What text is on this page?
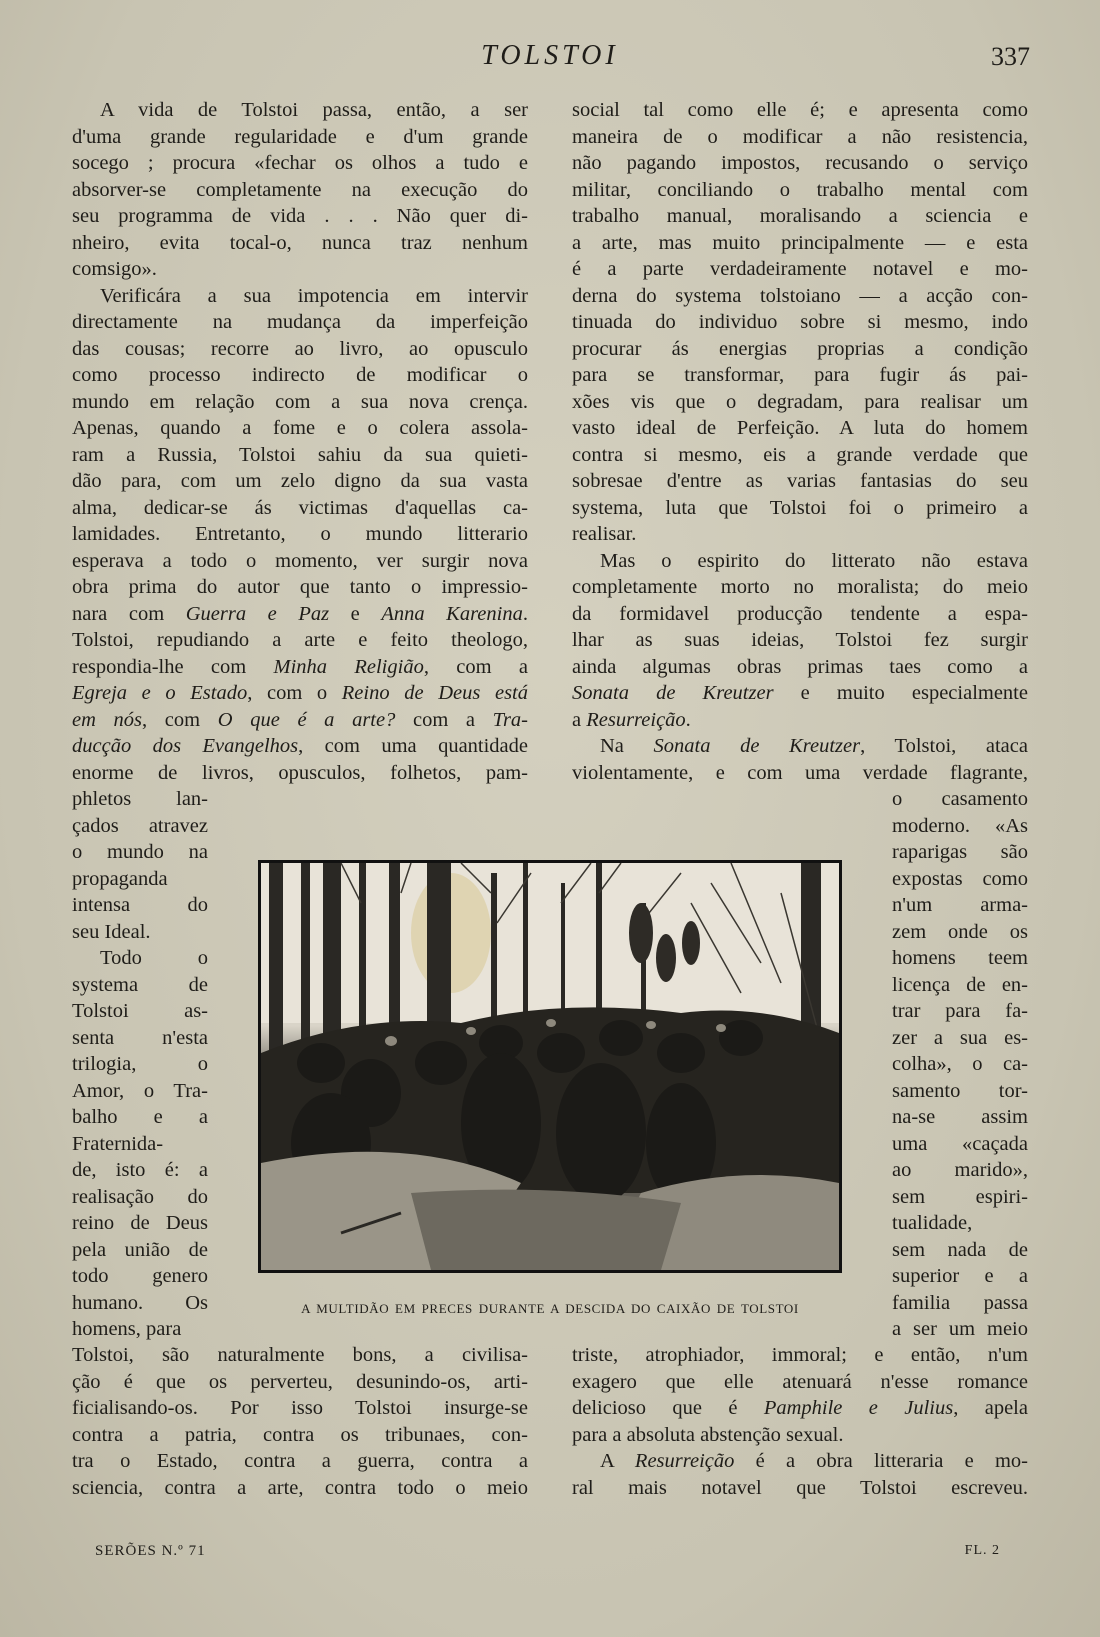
TOLSTOI	337
A vida de Tolstoi passa, então, a ser
d'uma grande regularidade e d'um grande
socego ; procura «fechar os olhos a tudo e
absorver-se completamente na execução do
seu programma de vida . . . Não quer di-
nheiro, evita tocal-o, nunca traz nenhum
comsigo».
Verificára a sua impotencia em intervir
directamente na mudança da imperfeição
das cousas; recorre ao livro, ao opusculo
como processo indirecto de modificar o
mundo em relação com a sua nova crença.
Apenas, quando a fome e o colera assola-
ram a Russia, Tolstoi sahiu da sua quieti-
dão para, com um zelo digno da sua vasta
alma, dedicar-se ás victimas d'aquellas ca-
lamidades. Entretanto, o mundo litterario
esperava a todo o momento, ver surgir nova
obra prima do autor que tanto o impressio-
nara com Guerra e Paz e Anna Karenina.
Tolstoi, repudiando a arte e feito theologo,
respondia-lhe com Minha Religião, com a
Egreja e o Estado, com o Reino de Deus está
em nós, com O que é a arte? com a Tra-
ducção dos Evangelhos, com uma quantidade
enorme de livros, opusculos, folhetos, pam-
phletos lan-
çados atravez
o mundo na
propaganda
intensa do
seu Ideal.
Todo o
systema de
Tolstoi as-
senta n'esta
trilogia, o
Amor, o Tra-
balho e a
Fraternida-
de, isto é: a
realisação do
reino de Deus
pela união de
todo genero
humano. Os
homens, para
Tolstoi, são naturalmente bons, a civilisa-
ção é que os perverteu, desunindo-os, arti-
ficialisando-os. Por isso Tolstoi insurge-se
contra a patria, contra os tribunaes, con-
tra o Estado, contra a guerra, contra a
sciencia, contra a arte, contra todo o meio
social tal como elle é; e apresenta como
maneira de o modificar a não resistencia,
não pagando impostos, recusando o serviço
militar, conciliando o trabalho mental com
trabalho manual, moralisando a sciencia e
a arte, mas muito principalmente — e esta
é a parte verdadeiramente notavel e mo-
derna do systema tolstoiano — a acção con-
tinuada do individuo sobre si mesmo, indo
procurar ás energias proprias a condição
para se transformar, para fugir ás pai-
xões vis que o degradam, para realisar um
vasto ideal de Perfeição. A luta do homem
contra si mesmo, eis a grande verdade que
sobresae d'entre as varias fantasias do seu
systema, luta que Tolstoi foi o primeiro a
realisar.
Mas o espirito do litterato não estava
completamente morto no moralista; do meio
da formidavel producção tendente a espa-
lhar as suas ideias, Tolstoi fez surgir
ainda algumas obras primas taes como a
Sonata de Kreutzer e muito especialmente
a Resurreição.
Na Sonata de Kreutzer, Tolstoi, ataca
violentamente, e com uma verdade flagrante,
o casamento
moderno. «As
raparigas são
expostas como
n'um arma-
zem onde os
homens teem
licença de en-
trar para fa-
zer a sua es-
colha», o ca-
samento tor-
na-se assim
uma «caçada
ao marido»,
sem espiri-
tualidade,
sem nada de
superior e a
familia passa
a ser um meio
triste, atrophiador, immoral; e então, n'um
exagero que elle atenuará n'esse romance
delicioso que é Pamphile e Julius, apela
para a absoluta abstenção sexual.
A Resurreição é a obra litteraria e mo-
ral mais notavel que Tolstoi escreveu.
A MULTIDÃO EM PRECES DURANTE A DESCIDA DO CAIXÃO DE TOLSTOI
SERÕES N.º 71	FL. 2
